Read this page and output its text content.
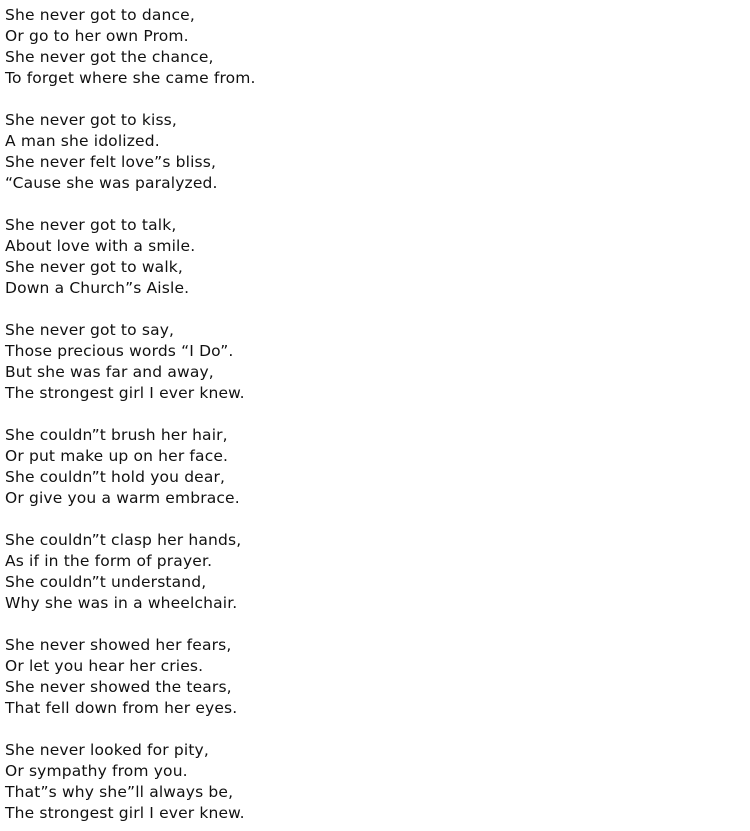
She never got to dance,
Or go to her own Prom.
She never got the chance,
To forget where she came from.
She never got to kiss,
A man she idolized.
She never felt love”s bliss,
“Cause she was paralyzed.
She never got to talk,
About love with a smile.
She never got to walk,
Down a Church”s Aisle.
She never got to say,
Those precious words “I Do”.
But she was far and away,
The strongest girl I ever knew.
She couldn”t brush her hair,
Or put make up on her face.
She couldn”t hold you dear,
Or give you a warm embrace.
She couldn”t clasp her hands,
As if in the form of prayer.
She couldn”t understand,
Why she was in a wheelchair.
She never showed her fears,
Or let you hear her cries.
She never showed the tears,
That fell down from her eyes.
She never looked for pity,
Or sympathy from you.
That”s why she”ll always be,
The strongest girl I ever knew.
